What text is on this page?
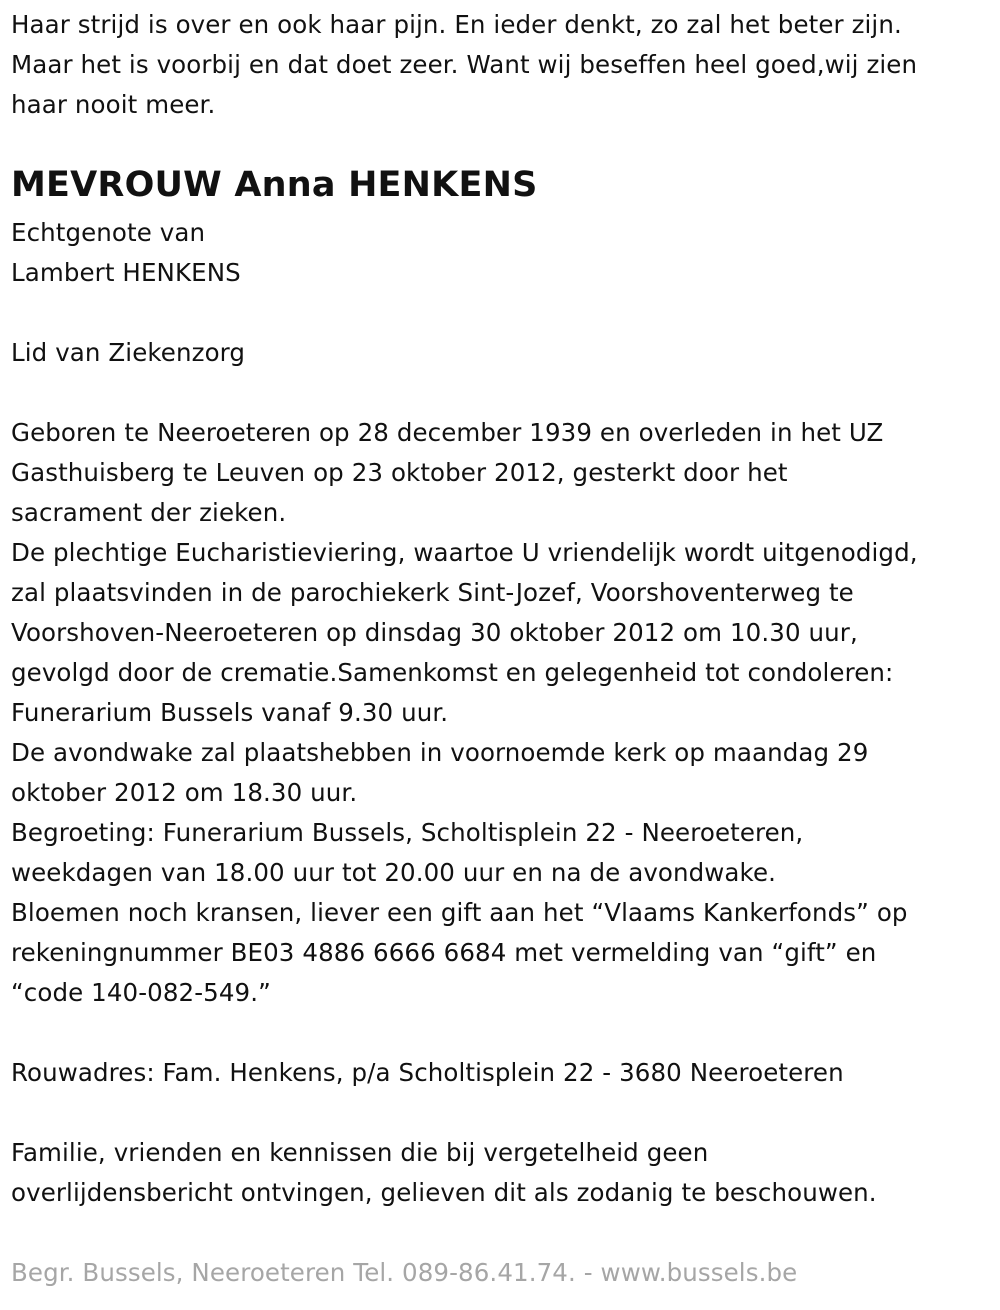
Haar strijd is over en ook haar pijn. En ieder denkt, zo zal het beter zijn.
Maar het is voorbij en dat doet zeer. Want wij beseffen heel goed,wij zien
haar nooit meer.
MEVROUW Anna HENKENS
Echtgenote van
Lambert HENKENS
Lid van Ziekenzorg
Geboren te Neeroeteren op 28 december 1939 en overleden in het UZ
Gasthuisberg te Leuven op 23 oktober 2012, gesterkt door het
sacrament der zieken.
De plechtige Eucharistieviering, waartoe U vriendelijk wordt uitgenodigd,
zal plaatsvinden in de parochiekerk Sint-Jozef, Voorshoventerweg te
Voorshoven-Neeroeteren op dinsdag 30 oktober 2012 om 10.30 uur,
gevolgd door de crematie.Samenkomst en gelegenheid tot condoleren:
Funerarium Bussels vanaf 9.30 uur.
De avondwake zal plaatshebben in voornoemde kerk op maandag 29
oktober 2012 om 18.30 uur.
Begroeting: Funerarium Bussels, Scholtisplein 22 - Neeroeteren,
weekdagen van 18.00 uur tot 20.00 uur en na de avondwake.
Bloemen noch kransen, liever een gift aan het “Vlaams Kankerfonds” op
rekeningnummer BE03 4886 6666 6684 met vermelding van “gift” en
“code 140-082-549.”
Rouwadres: Fam. Henkens, p/a Scholtisplein 22 - 3680 Neeroeteren
Familie, vrienden en kennissen die bij vergetelheid geen
overlijdensbericht ontvingen, gelieven dit als zodanig te beschouwen.
Begr. Bussels, Neeroeteren Tel. 089-86.41.74. - www.bussels.be
